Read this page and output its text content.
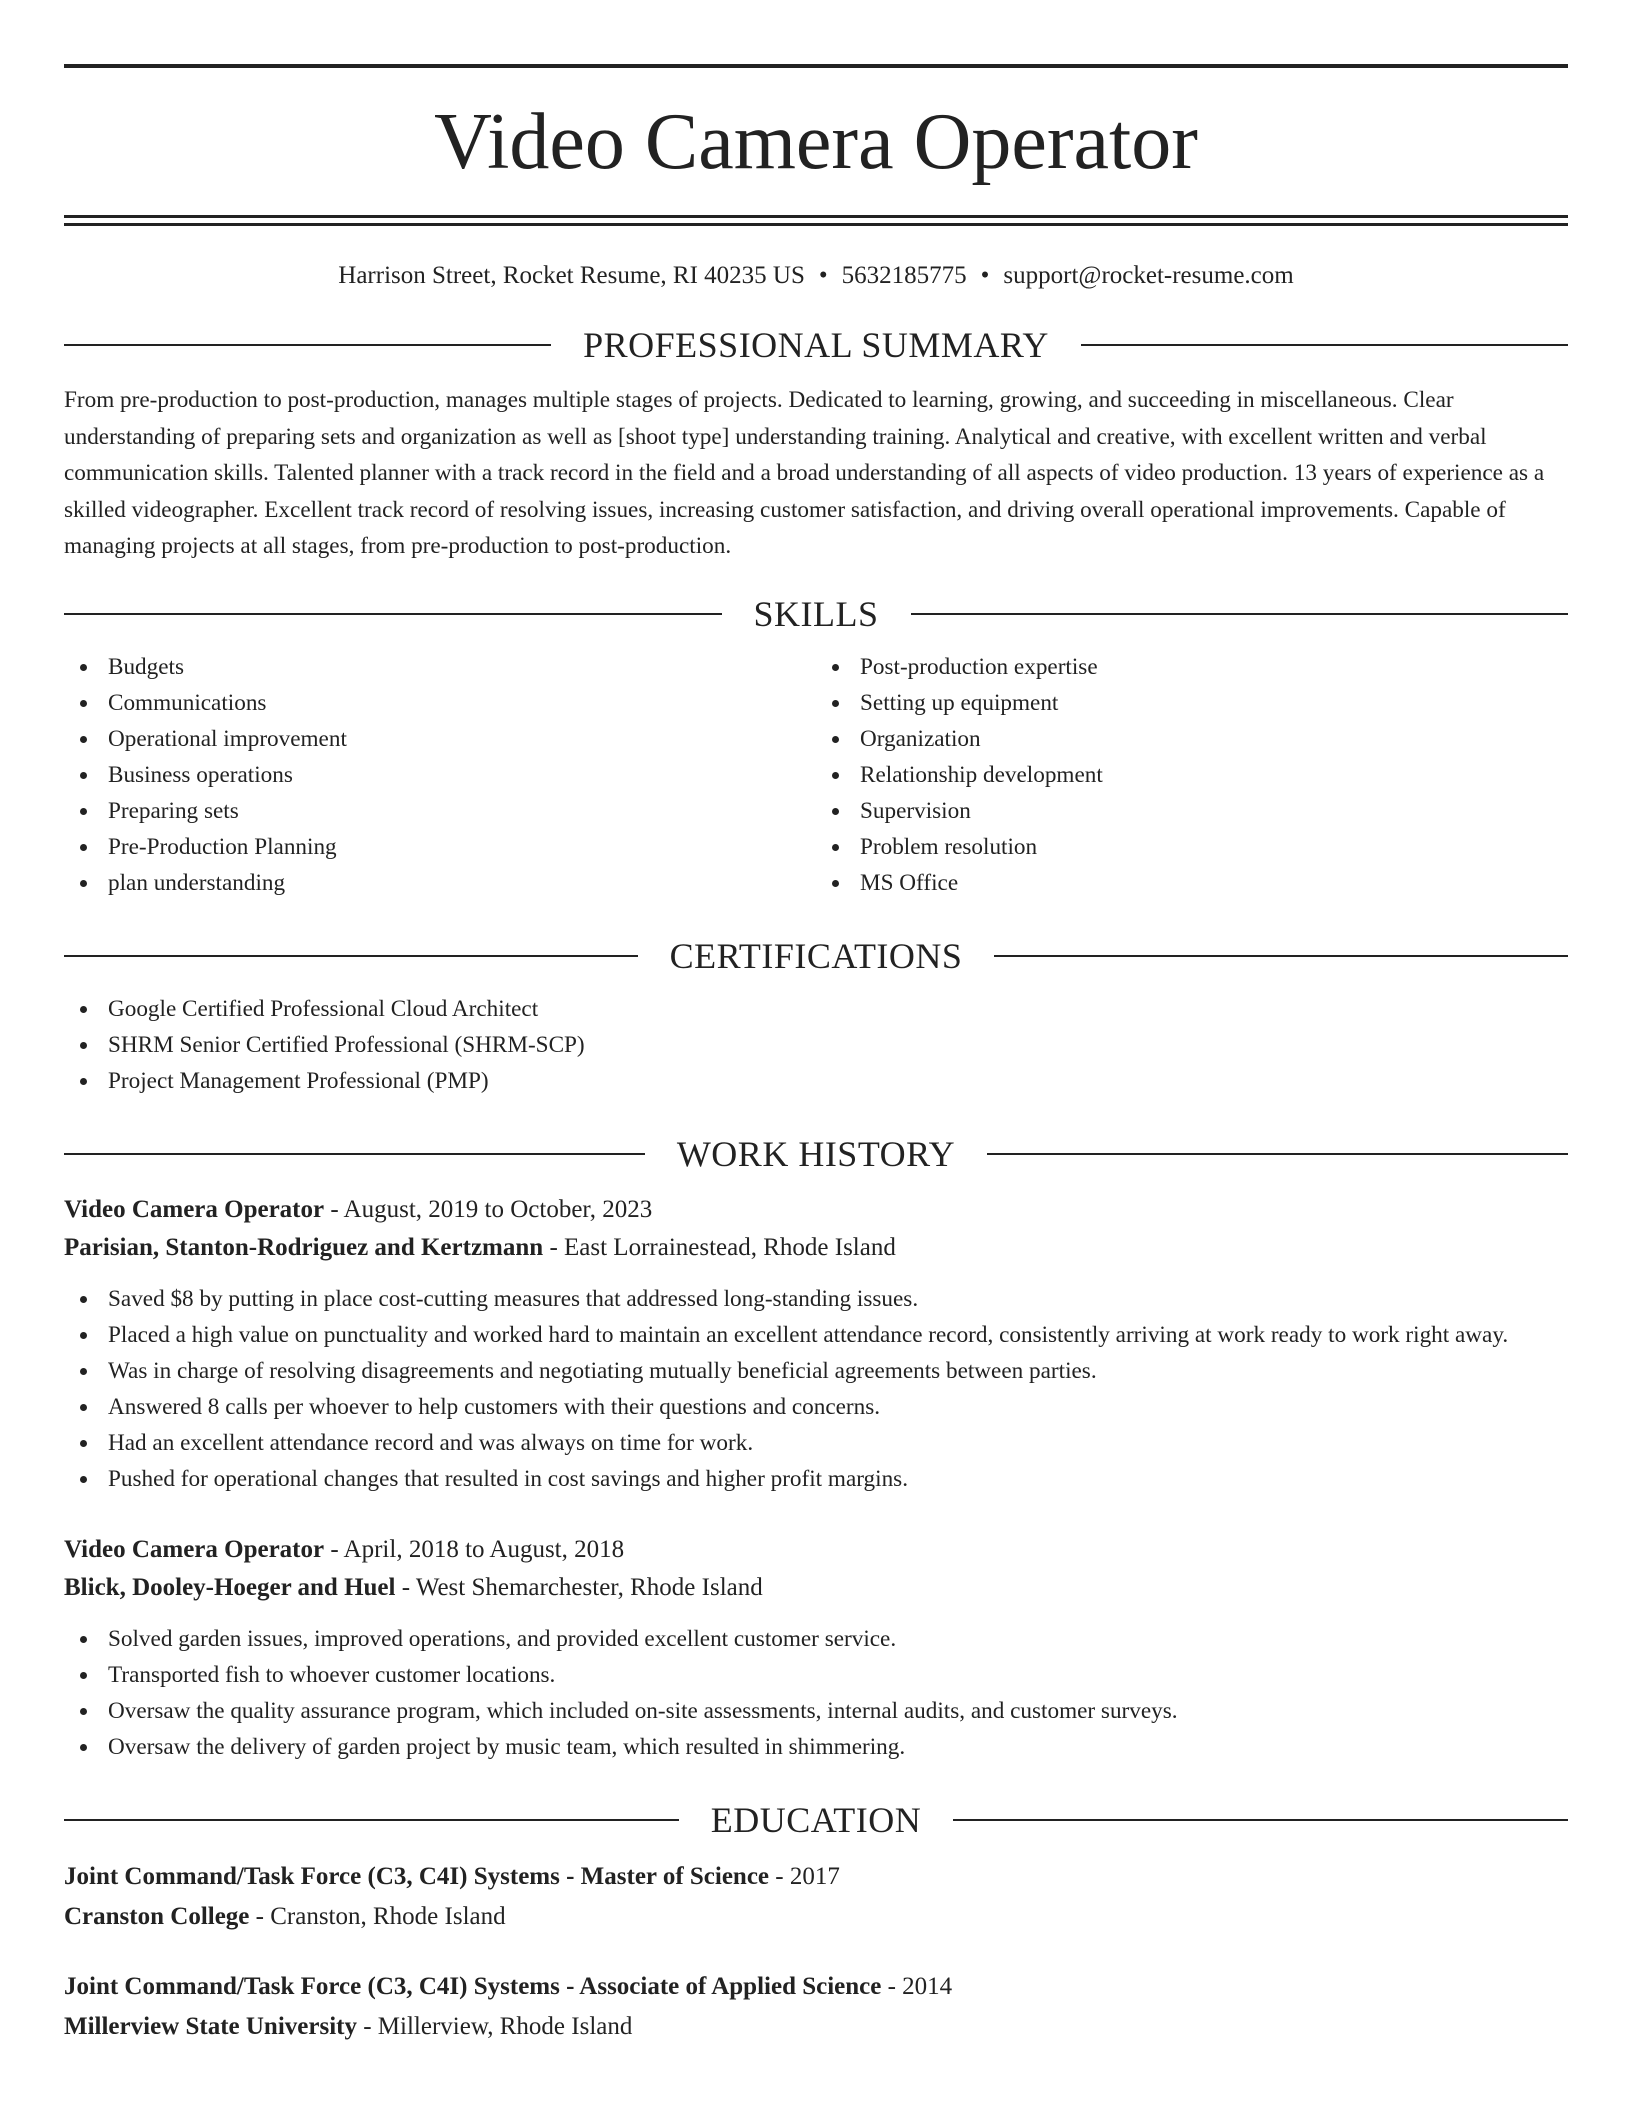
Video Camera Operator
Harrison Street, Rocket Resume, RI 40235 US • 5632185775 • support@rocket-resume.com
PROFESSIONAL SUMMARY

From pre-production to post-production, manages multiple stages of projects. Dedicated to learning, growing, and succeeding in miscellaneous. Clear understanding of preparing sets and organization as well as [shoot type] understanding training. Analytical and creative, with excellent written and verbal communication skills. Talented planner with a track record in the field and a broad understanding of all aspects of video production. 13 years of experience as a skilled videographer. Excellent track record of resolving issues, increasing customer satisfaction, and driving overall operational improvements. Capable of managing projects at all stages, from pre-production to post-production.

SKILLS
Budgets
Communications
Operational improvement
Business operations
Preparing sets
Pre-Production Planning
plan understanding
Post-production expertise
Setting up equipment
Organization
Relationship development
Supervision
Problem resolution
MS Office
CERTIFICATIONS
Google Certified Professional Cloud Architect
SHRM Senior Certified Professional (SHRM-SCP)
Project Management Professional (PMP)
WORK HISTORY
Video Camera Operator - August, 2019 to October, 2023
Parisian, Stanton-Rodriguez and Kertzmann - East Lorrainestead, Rhode Island
Saved $8 by putting in place cost-cutting measures that addressed long-standing issues.
Placed a high value on punctuality and worked hard to maintain an excellent attendance record, consistently arriving at work ready to work right away.
Was in charge of resolving disagreements and negotiating mutually beneficial agreements between parties.
Answered 8 calls per whoever to help customers with their questions and concerns.
Had an excellent attendance record and was always on time for work.
Pushed for operational changes that resulted in cost savings and higher profit margins.
Video Camera Operator - April, 2018 to August, 2018
Blick, Dooley-Hoeger and Huel - West Shemarchester, Rhode Island
Solved garden issues, improved operations, and provided excellent customer service.
Transported fish to whoever customer locations.
Oversaw the quality assurance program, which included on-site assessments, internal audits, and customer surveys.
Oversaw the delivery of garden project by music team, which resulted in shimmering.
EDUCATION
Joint Command/Task Force (C3, C4I) Systems - Master of Science - 2017
Cranston College - Cranston, Rhode Island
Joint Command/Task Force (C3, C4I) Systems - Associate of Applied Science - 2014
Millerview State University - Millerview, Rhode Island
